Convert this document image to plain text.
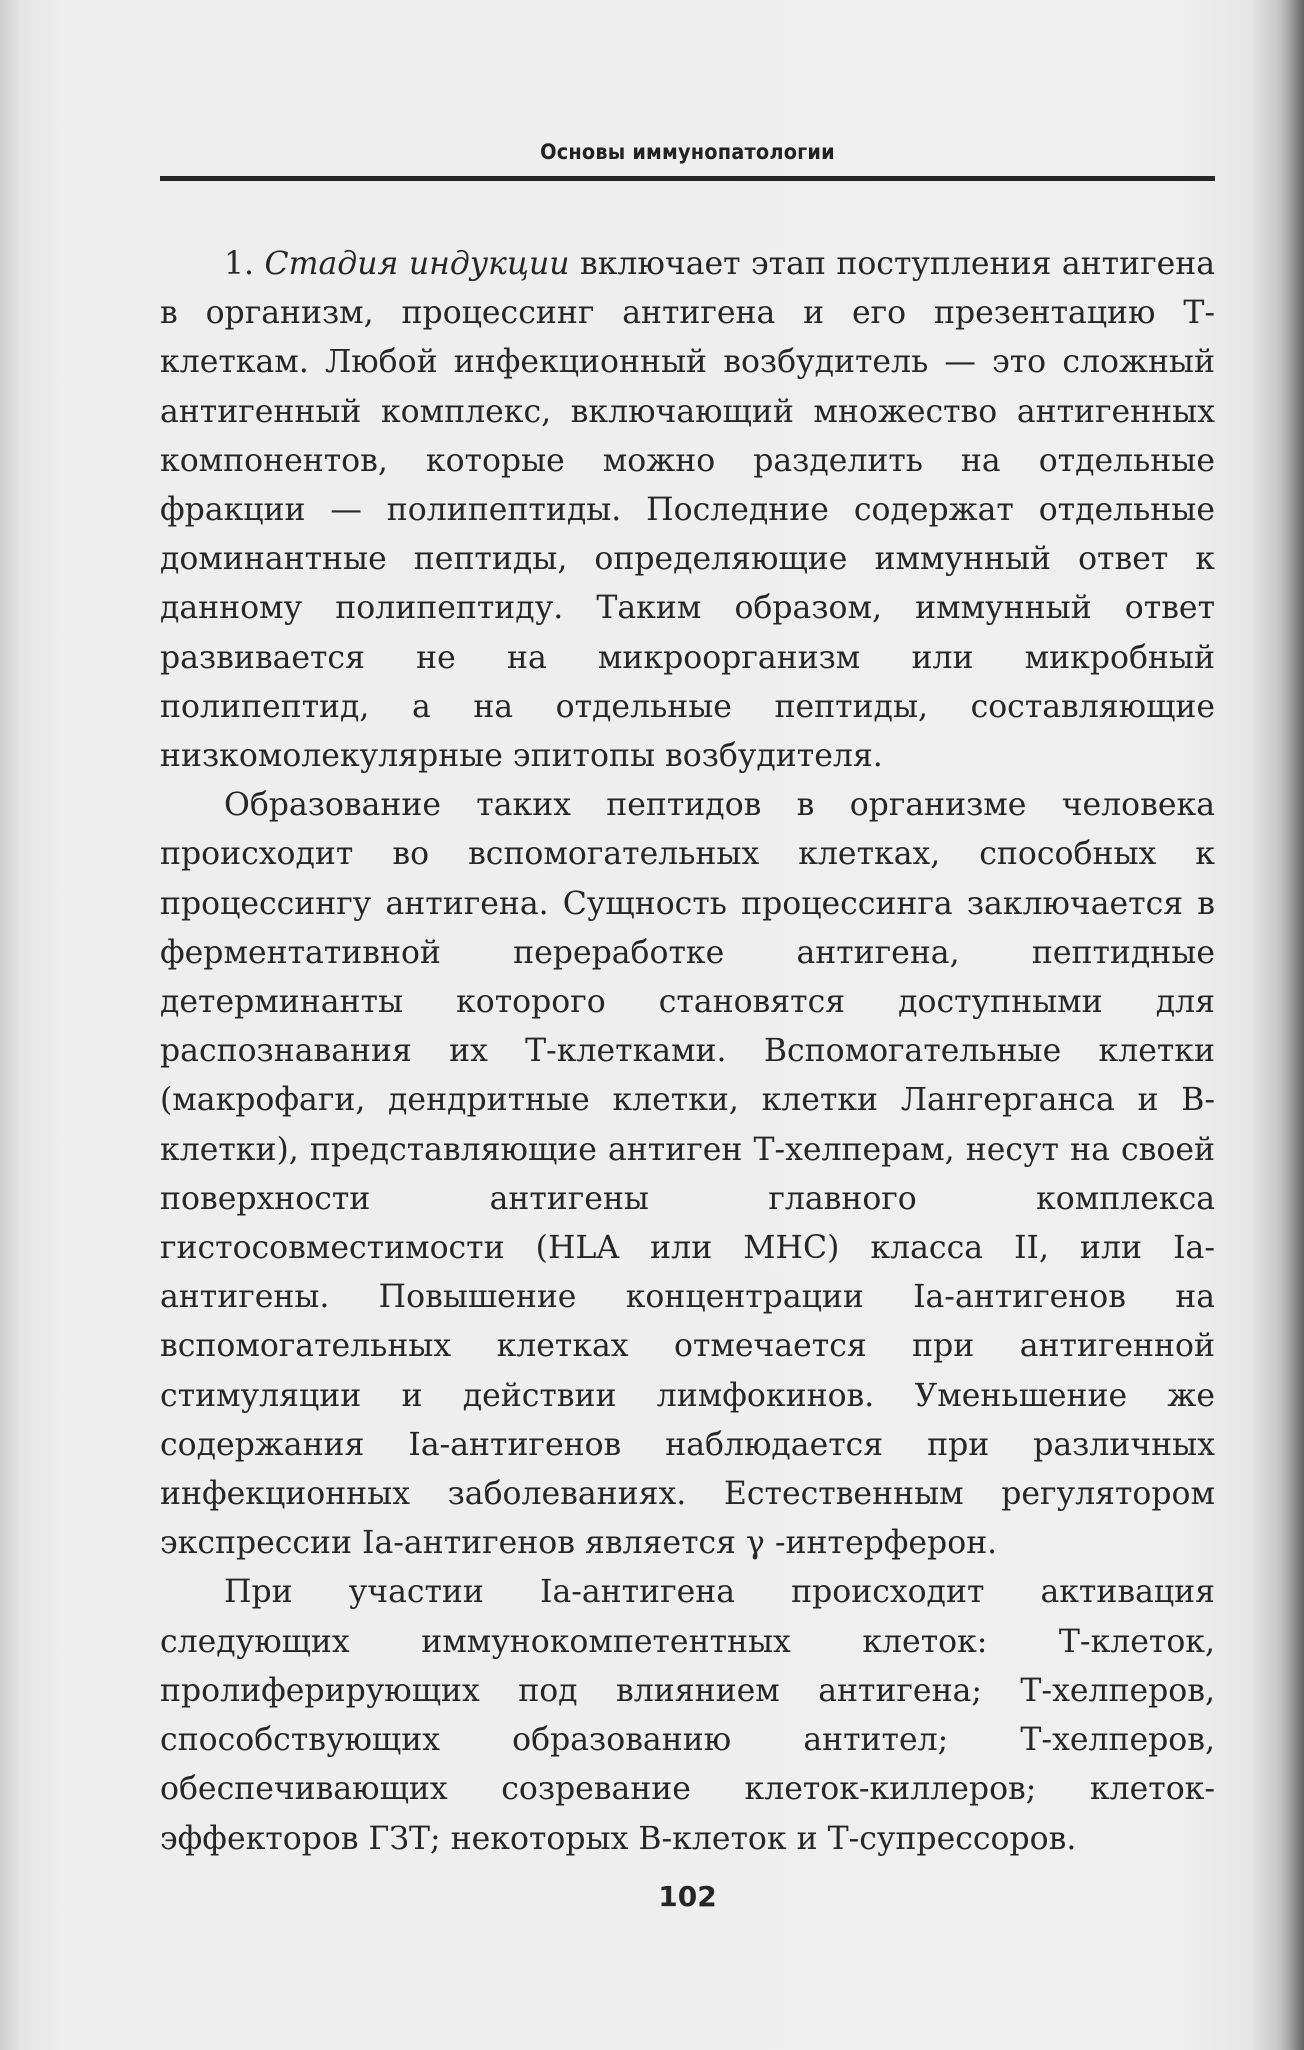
Основы иммунопатологии

1. Стадия индукции включает этап поступления антигена в организм, процессинг антигена и его презентацию Т-клеткам. Любой инфекционный возбудитель — это сложный антигенный комплекс, включающий множество антигенных компонентов, которые можно разделить на отдельные фракции — полипептиды. Последние содержат отдельные доминантные пептиды, определяющие иммунный ответ к данному полипептиду. Таким образом, иммунный ответ развивается не на микроорганизм или микробный полипептид, а на отдельные пептиды, составляющие низкомолекулярные эпитопы возбудителя.

Образование таких пептидов в организме человека происходит во вспомогательных клетках, способных к процессингу антигена. Сущность процессинга заключается в ферментативной переработке антигена, пептидные детерминанты которого становятся доступными для распознавания их Т-клетками. Вспомогательные клетки (макрофаги, дендритные клетки, клетки Лангерганса и В-клетки), представляющие антиген Т-хелперам, несут на своей поверхности антигены главного комплекса гистосовместимости (HLA или MHC) класса II, или Ia-антигены. Повышение концентрации Ia-антигенов на вспомогательных клетках отмечается при антигенной стимуляции и действии лимфокинов. Уменьшение же содержания Ia-антигенов наблюдается при различных инфекционных заболеваниях. Естественным регулятором экспрессии Ia-антигенов является γ -интерферон.

При участии Ia-антигена происходит активация следующих иммунокомпетентных клеток: Т-клеток, пролиферирующих под влиянием антигена; Т-хелперов, способствующих образованию антител; Т-хелперов, обеспечивающих созревание клеток-киллеров; клеток-эффекторов ГЗТ; некоторых В-клеток и Т-супрессоров.

102
